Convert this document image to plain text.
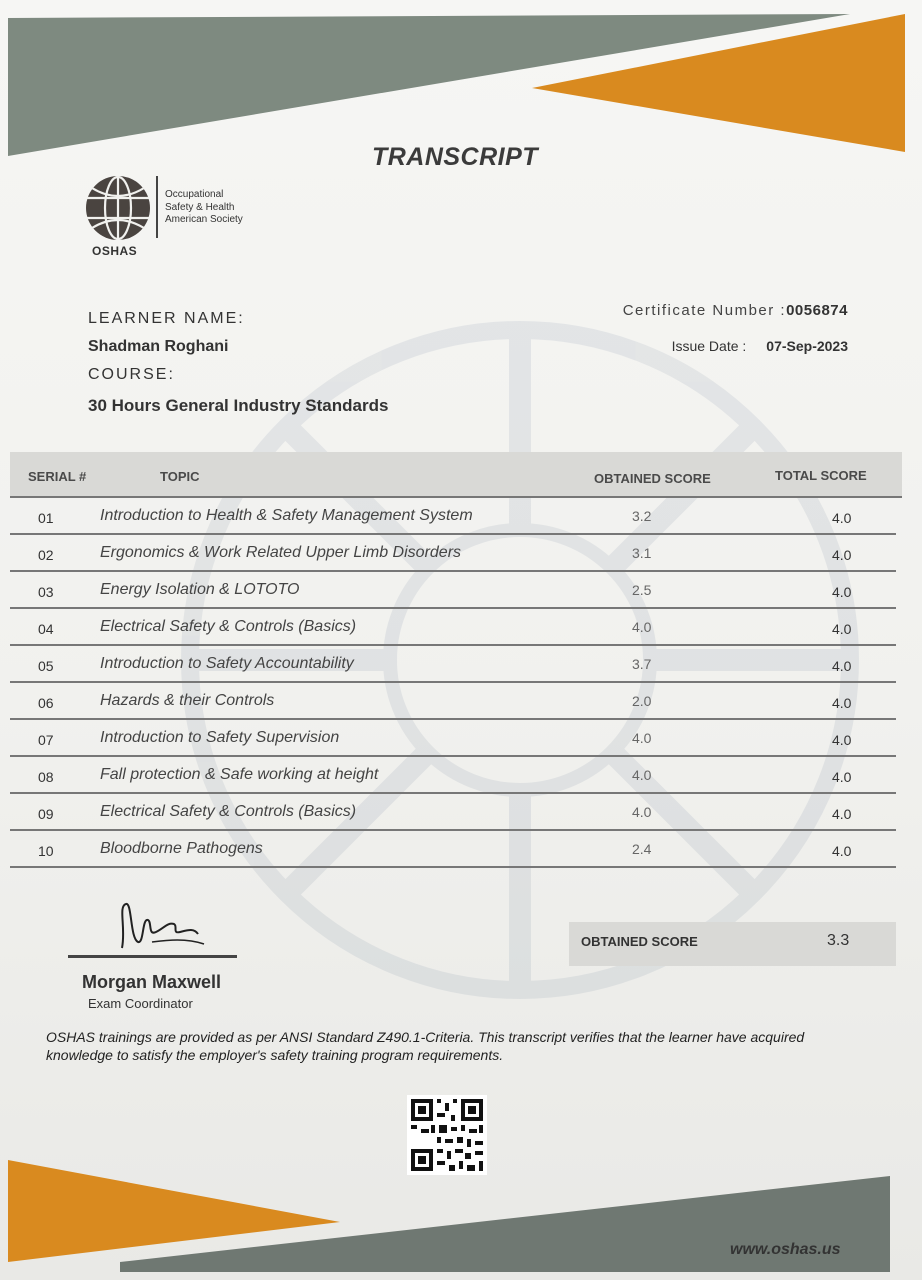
TRANSCRIPT
Occupational
Safety & Health
American Society
OSHAS
LEARNER NAME:
Shadman Roghani
COURSE:
30 Hours General Industry Standards
Certificate Number :0056874
Issue Date : 07-Sep-2023
SERIAL #	TOPIC	OBTAINED SCORE	TOTAL SCORE
01	Introduction to Health & Safety Management System	3.2	4.0
02	Ergonomics & Work Related Upper Limb Disorders	3.1	4.0
03	Energy Isolation & LOTOTO	2.5	4.0
04	Electrical Safety & Controls (Basics)	4.0	4.0
05	Introduction to Safety Accountability	3.7	4.0
06	Hazards & their Controls	2.0	4.0
07	Introduction to Safety Supervision	4.0	4.0
08	Fall protection & Safe working at height	4.0	4.0
09	Electrical Safety & Controls (Basics)	4.0	4.0
10	Bloodborne Pathogens	2.4	4.0
OBTAINED SCORE	3.3
Morgan Maxwell
Exam Coordinator
OSHAS trainings are provided as per ANSI Standard Z490.1-Criteria. This transcript verifies that the learner have acquired knowledge to satisfy the employer's safety training program requirements.
www.oshas.us
